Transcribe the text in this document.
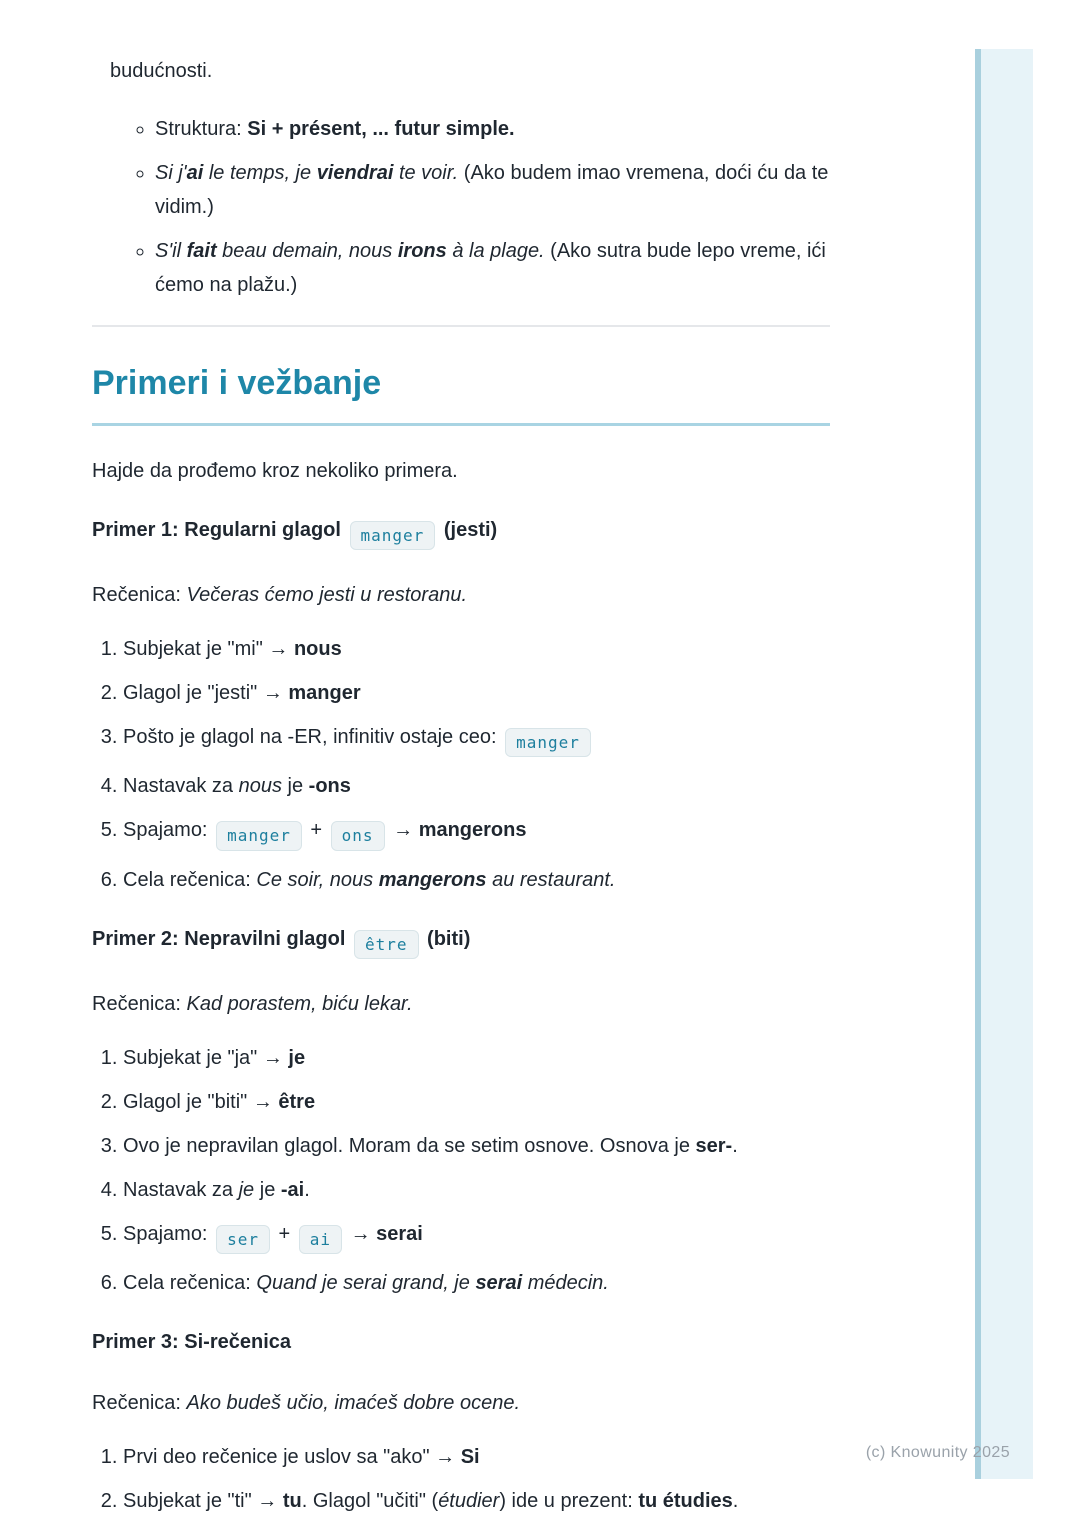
budućnosti.

◦ Struktura: Si + présent, ... futur simple.
◦ Si j'ai le temps, je viendrai te voir. (Ako budem imao vremena, doći ću da te vidim.)
◦ S'il fait beau demain, nous irons à la plage. (Ako sutra bude lepo vreme, ići ćemo na plažu.)
Primeri i vežbanje

Hajde da prođemo kroz nekoliko primera.

Primer 1: Regularni glagol manger (jesti)

Rečenica: Večeras ćemo jesti u restoranu.

1. Subjekat je "mi" → nous
2. Glagol je "jesti" → manger
3. Pošto je glagol na -ER, infinitiv ostaje ceo: manger
4. Nastavak za nous je -ons
5. Spajamo: manger + ons → mangerons
6. Cela rečenica: Ce soir, nous mangerons au restaurant.

Primer 2: Nepravilni glagol être (biti)

Rečenica: Kad porastem, biću lekar.

1. Subjekat je "ja" → je
2. Glagol je "biti" → être
3. Ovo je nepravilan glagol. Moram da se setim osnove. Osnova je ser-.
4. Nastavak za je je -ai.
5. Spajamo: ser + ai → serai
6. Cela rečenica: Quand je serai grand, je serai médecin.

Primer 3: Si-rečenica

Rečenica: Ako budeš učio, imaćeš dobre ocene.

1. Prvi deo rečenice je uslov sa "ako" → Si
2. Subjekat je "ti" → tu. Glagol "učiti" (étudier) ide u prezent: tu étudies.
(c) Knowunity 2025
